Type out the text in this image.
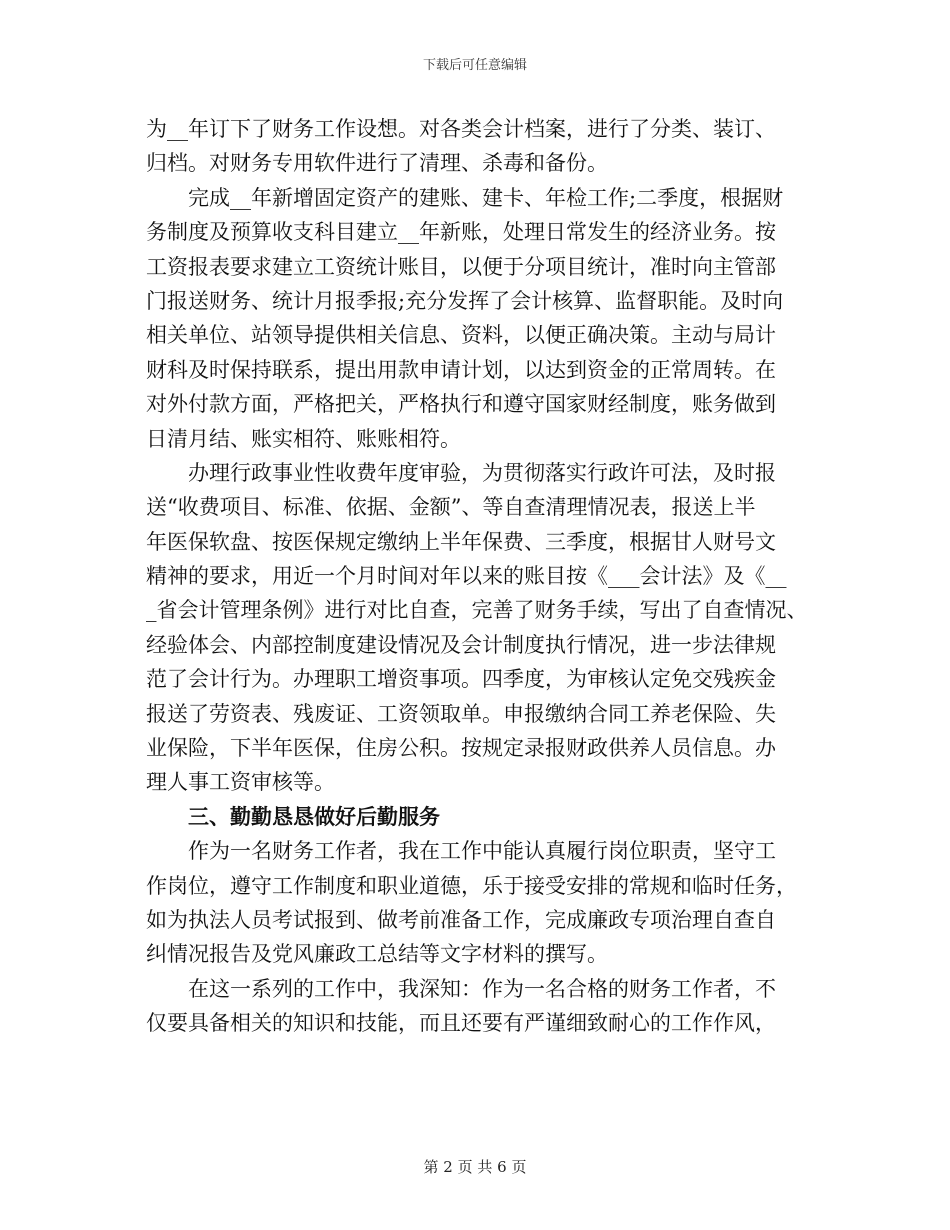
下载后可任意编辑
为__年订下了财务工作设想。对各类会计档案，进行了分类、装订、
归档。对财务专用软件进行了清理、杀毒和备份。
完成__年新增固定资产的建账、建卡、年检工作;二季度，根据财
务制度及预算收支科目建立__年新账，处理日常发生的经济业务。按
工资报表要求建立工资统计账目，以便于分项目统计，准时向主管部
门报送财务、统计月报季报;充分发挥了会计核算、监督职能。及时向
相关单位、站领导提供相关信息、资料，以便正确决策。主动与局计
财科及时保持联系，提出用款申请计划，以达到资金的正常周转。在
对外付款方面，严格把关，严格执行和遵守国家财经制度，账务做到
日清月结、账实相符、账账相符。
办理行政事业性收费年度审验，为贯彻落实行政许可法，及时报
送“收费项目、标准、依据、金额”、等自查清理情况表，报送上半
年医保软盘、按医保规定缴纳上半年保费、三季度，根据甘人财号文
精神的要求，用近一个月时间对年以来的账目按《___会计法》及《__
_省会计管理条例》进行对比自查，完善了财务手续，写出了自查情况、
经验体会、内部控制度建设情况及会计制度执行情况，进一步法律规
范了会计行为。办理职工增资事项。四季度，为审核认定免交残疾金
报送了劳资表、残废证、工资领取单。申报缴纳合同工养老保险、失
业保险，下半年医保，住房公积。按规定录报财政供养人员信息。办
理人事工资审核等。
三、勤勤恳恳做好后勤服务
作为一名财务工作者，我在工作中能认真履行岗位职责，坚守工
作岗位，遵守工作制度和职业道德，乐于接受安排的常规和临时任务，
如为执法人员考试报到、做考前准备工作，完成廉政专项治理自查自
纠情况报告及党风廉政工总结等文字材料的撰写。
在这一系列的工作中，我深知：作为一名合格的财务工作者，不
仅要具备相关的知识和技能，而且还要有严谨细致耐心的工作作风，
第 2 页 共 6 页
